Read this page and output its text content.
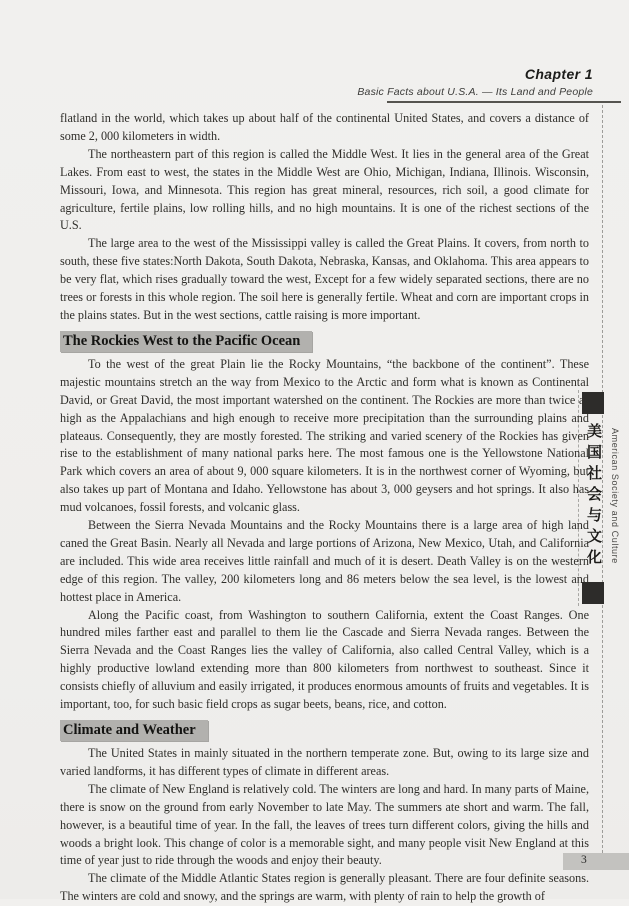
Chapter 1
Basic Facts about U.S.A. — Its Land and People
美国社会与文化	American Society and Culture

flatland in the world, which takes up about half of the continental United States, and covers a distance of some 2, 000 kilometers in width.

The northeastern part of this region is called the Middle West. It lies in the general area of the Great Lakes. From east to west, the states in the Middle West are Ohio, Michigan, Indiana, Illinois. Wisconsin, Missouri, Iowa, and Minnesota. This region has great mineral, resources, rich soil, a good climate for agriculture, fertile plains, low rolling hills, and no high mountains. It is one of the richest sections of the U.S.

The large area to the west of the Mississippi valley is called the Great Plains. It covers, from north to south, these five states:North Dakota, South Dakota, Nebraska, Kansas, and Oklahoma. This area appears to be very flat, which rises gradually toward the west, Except for a few widely separated sections, there are no trees or forests in this whole region. The soil here is generally fertile. Wheat and corn are important crops in the plains states. But in the west sections, cattle raising is more important.

The Rockies West to the Pacific Ocean

To the west of the great Plain lie the Rocky Mountains, “the backbone of the continent”. These majestic mountains stretch an the way from Mexico to the Arctic and form what is known as Continental David, or Great David, the most important watershed on the continent. The Rockies are more than twice as high as the Appalachians and high enough to receive more precipitation than the surrounding plains and plateaus. Consequently, they are mostly forested. The striking and varied scenery of the Rockies has given rise to the establishment of many national parks here. The most famous one is the Yellowstone National Park which covers an area of about 9, 000 square kilometers. It is in the northwest corner of Wyoming, but also takes up part of Montana and Idaho. Yellowstone has about 3, 000 geysers and hot springs. It also has mud volcanoes, fossil forests, and volcanic glass.

Between the Sierra Nevada Mountains and the Rocky Mountains there is a large area of high land caned the Great Basin. Nearly all Nevada and large portions of Arizona, New Mexico, Utah, and California are included. This wide area receives little rainfall and much of it is desert. Death Valley is on the western edge of this region. The valley, 200 kilometers long and 86 meters below the sea level, is the lowest and hottest place in America.

Along the Pacific coast, from Washington to southern California, extent the Coast Ranges. One hundred miles farther east and parallel to them lie the Cascade and Sierra Nevada ranges. Between the Sierra Nevada and the Coast Ranges lies the valley of California, also called Central Valley, which is a highly productive lowland extending more than 800 kilometers from northwest to southeast. Since it consists chiefly of alluvium and easily irrigated, it produces enormous amounts of fruits and vegetables. It is important, too, for such basic field crops as sugar beets, beans, rice, and cotton.

Climate and Weather

The United States in mainly situated in the northern temperate zone. But, owing to its large size and varied landforms, it has different types of climate in different areas.

The climate of New England is relatively cold. The winters are long and hard. In many parts of Maine, there is snow on the ground from early November to late May. The summers ate short and warm. The fall, however, is a beautiful time of year. In the fall, the leaves of trees turn different colors, giving the hills and woods a bright look. This change of color is a memorable sight, and many people visit New England at this time of year just to ride through the woods and enjoy their beauty.

The climate of the Middle Atlantic States region is generally pleasant. There are four definite seasons. The winters are cold and snowy, and the springs are warm, with plenty of rain to help the growth of

3
